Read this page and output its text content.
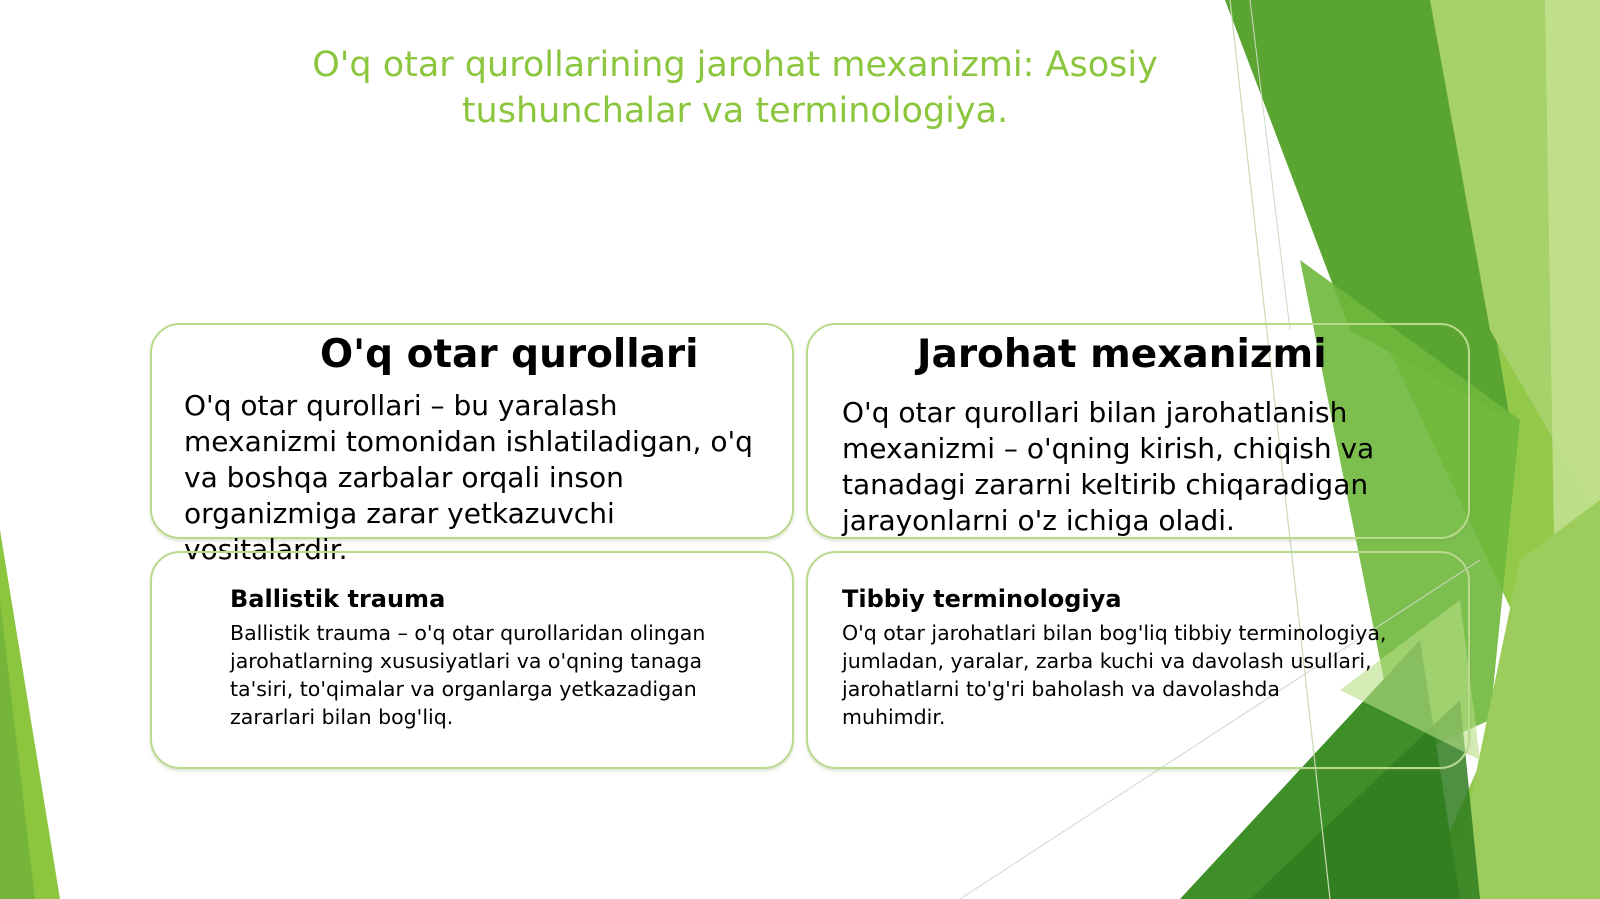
O'q otar qurollarining jarohat mexanizmi: Asosiy tushunchalar va terminologiya.
O'q otar qurollari
O'q otar qurollari – bu yaralash mexanizmi tomonidan ishlatiladigan, o'q va boshqa zarbalar orqali inson organizmiga zarar yetkazuvchi vositalardir.
Jarohat mexanizmi
O'q otar qurollari bilan jarohatlanish mexanizmi – o'qning kirish, chiqish va tanadagi zararni keltirib chiqaradigan jarayonlarni o'z ichiga oladi.
Ballistik trauma
Ballistik trauma – o'q otar qurollaridan olingan jarohatlarning xususiyatlari va o'qning tanaga ta'siri, to'qimalar va organlarga yetkazadigan zararlari bilan bog'liq.
Tibbiy terminologiya
O'q otar jarohatlari bilan bog'liq tibbiy terminologiya, jumladan, yaralar, zarba kuchi va davolash usullari, jarohatlarni to'g'ri baholash va davolashda muhimdir.
